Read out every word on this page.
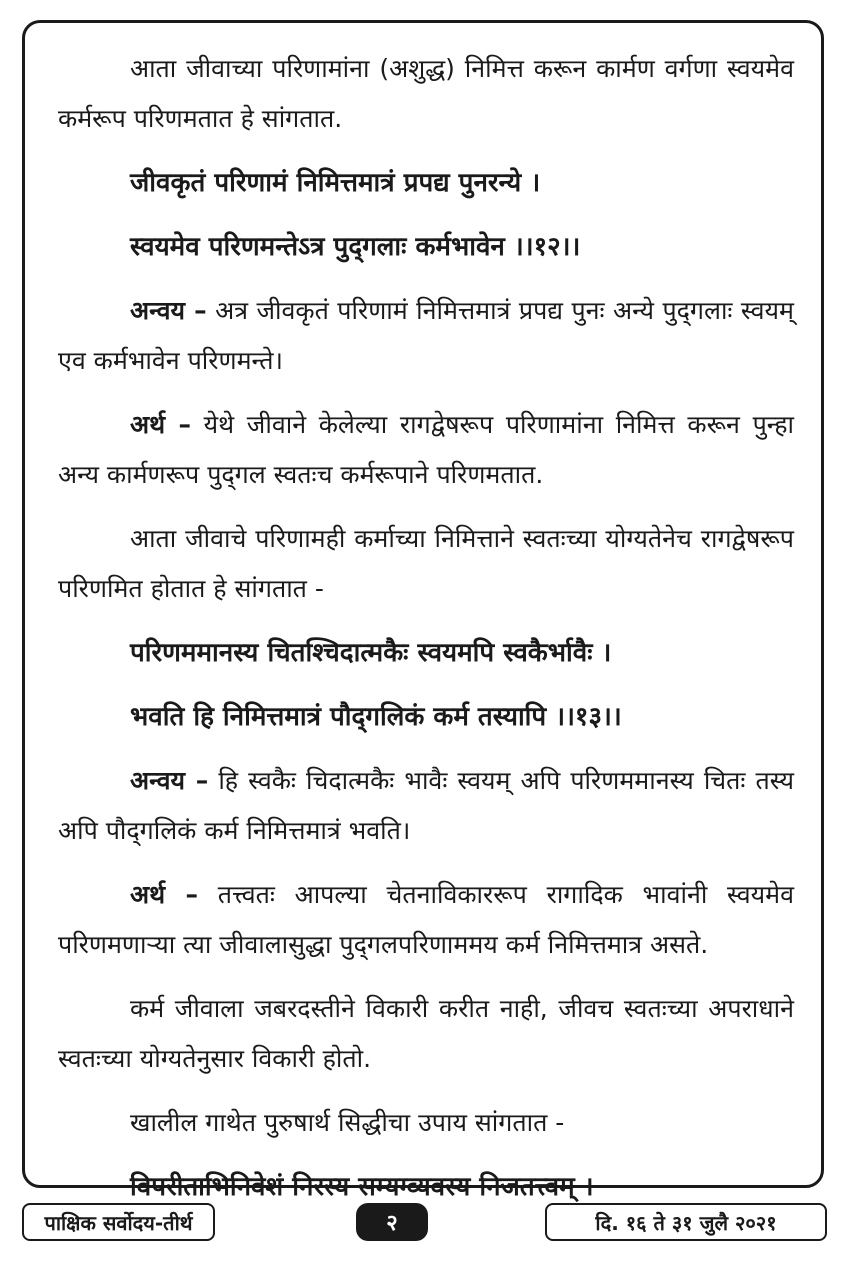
आता जीवाच्या परिणामांना (अशुद्ध) निमित्त करून कार्मण वर्गणा स्वयमेव कर्मरूप परिणमतात हे सांगतात.

जीवकृतं परिणामं निमित्तमात्रं प्रपद्य पुनरन्ये ।

स्वयमेव परिणमन्तेऽत्र पुद्‌गलाः कर्मभावेन ।।१२।।

अन्वय – अत्र जीवकृतं परिणामं निमित्तमात्रं प्रपद्य पुनः अन्ये पुद्‌गलाः स्वयम् एव कर्मभावेन परिणमन्ते।

अर्थ – येथे जीवाने केलेल्या रागद्वेषरूप परिणामांना निमित्त करून पुन्हा अन्य कार्मणरूप पुद्‌गल स्वतःच कर्मरूपाने परिणमतात.

आता जीवाचे परिणामही कर्माच्या निमित्ताने स्वतःच्या योग्यतेनेच रागद्वेषरूप परिणमित होतात हे सांगतात -

परिणममानस्य चितश्चिदात्मकैः स्वयमपि स्वकैर्भावैः ।

भवति हि निमित्तमात्रं पौद्‌गलिकं कर्म तस्यापि ।।१३।।

अन्वय – हि स्वकैः चिदात्मकैः भावैः स्वयम् अपि परिणममानस्य चितः तस्य अपि पौद्‌गलिकं कर्म निमित्तमात्रं भवति।

अर्थ – तत्त्वतः आपल्या चेतनाविकाररूप रागादिक भावांनी स्वयमेव परिणमणाऱ्या त्या जीवालासुद्धा पुद्‌गलपरिणाममय कर्म निमित्तमात्र असते.

कर्म जीवाला जबरदस्तीने विकारी करीत नाही, जीवच स्वतःच्या अपराधाने स्वतःच्या योग्यतेनुसार विकारी होतो.

खालील गाथेत पुरुषार्थ सिद्धीचा उपाय सांगतात -

विपरीताभिनिवेशं निरस्य सम्यग्व्यवस्य निजतत्त्वम् ।

पाक्षिक सर्वोदय-तीर्थ	२	दि. १६ ते ३१ जुलै २०२१
